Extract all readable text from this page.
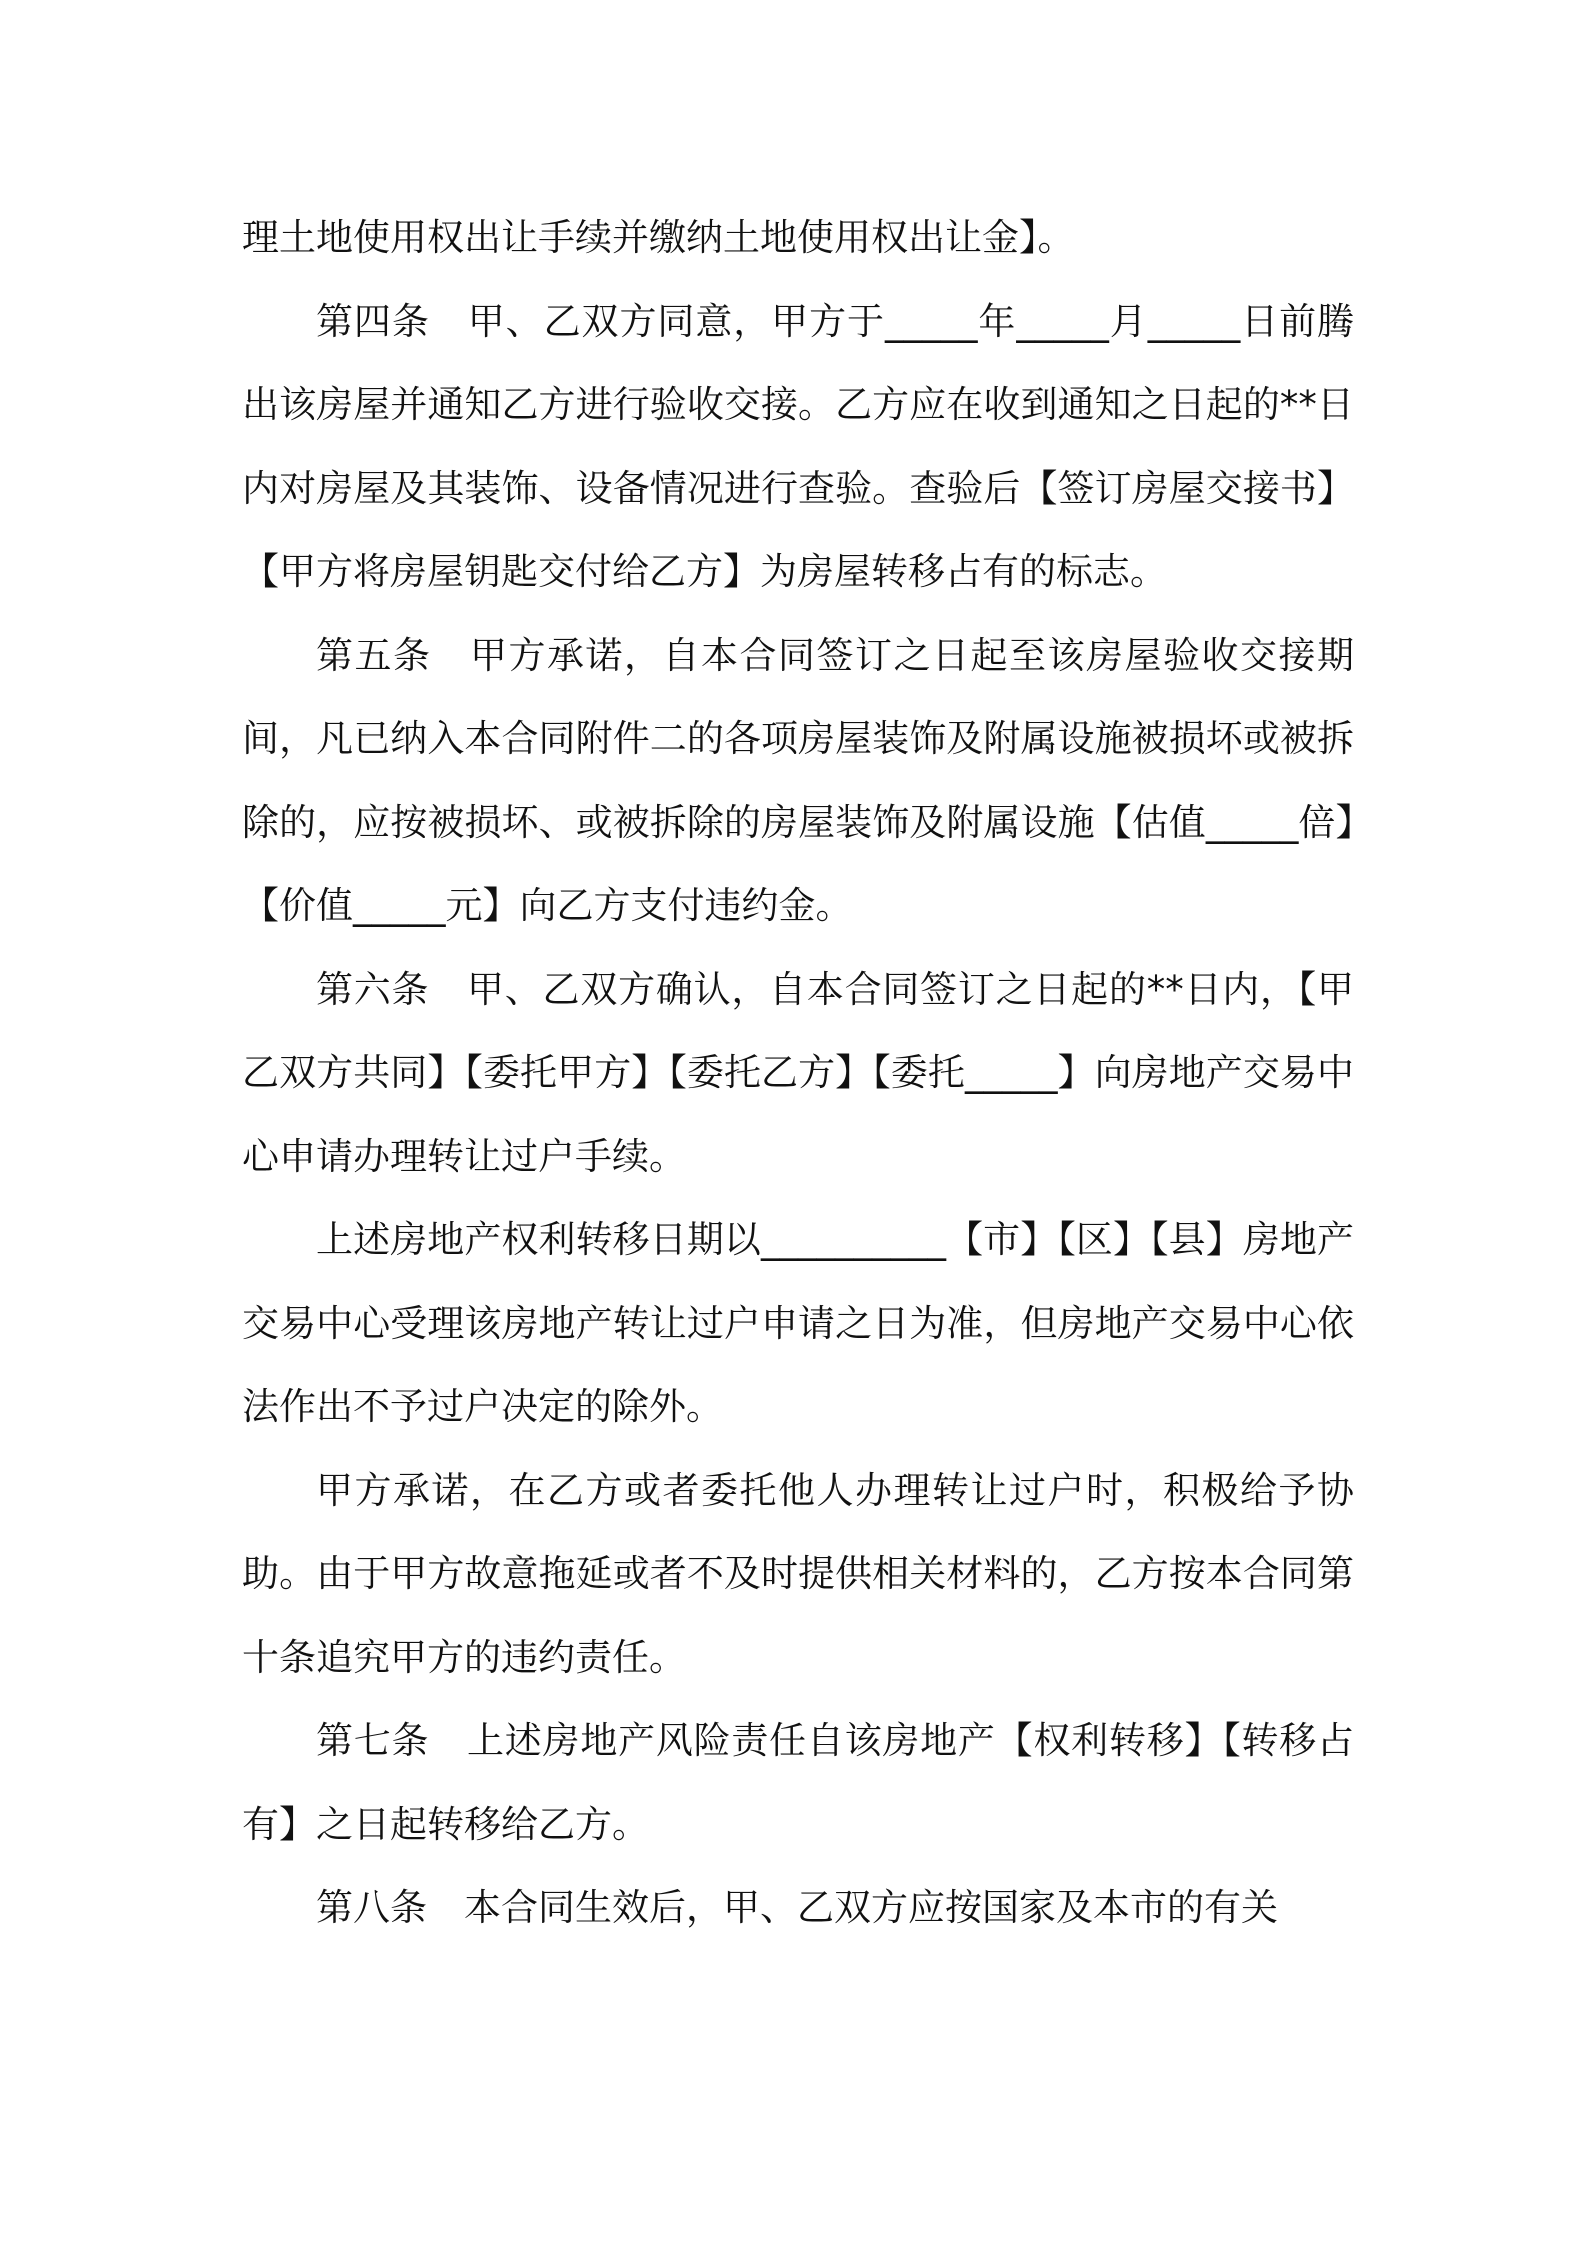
理土地使用权出让手续并缴纳土地使用权出让金】。

第四条　甲、乙双方同意，甲方于_____年_____月_____日前腾出该房屋并通知乙方进行验收交接。乙方应在收到通知之日起的**日内对房屋及其装饰、设备情况进行查验。查验后【签订房屋交接书】【甲方将房屋钥匙交付给乙方】为房屋转移占有的标志。

第五条　甲方承诺，自本合同签订之日起至该房屋验收交接期间，凡已纳入本合同附件二的各项房屋装饰及附属设施被损坏或被拆除的，应按被损坏、或被拆除的房屋装饰及附属设施【估值_____倍】【价值_____元】向乙方支付违约金。

第六条　甲、乙双方确认，自本合同签订之日起的**日内，【甲乙双方共同】【委托甲方】【委托乙方】【委托_____】向房地产交易中心申请办理转让过户手续。

上述房地产权利转移日期以__________【市】【区】【县】房地产交易中心受理该房地产转让过户申请之日为准，但房地产交易中心依法作出不予过户决定的除外。

甲方承诺，在乙方或者委托他人办理转让过户时，积极给予协助。由于甲方故意拖延或者不及时提供相关材料的，乙方按本合同第十条追究甲方的违约责任。

第七条　上述房地产风险责任自该房地产【权利转移】【转移占有】之日起转移给乙方。

第八条　本合同生效后，甲、乙双方应按国家及本市的有关
